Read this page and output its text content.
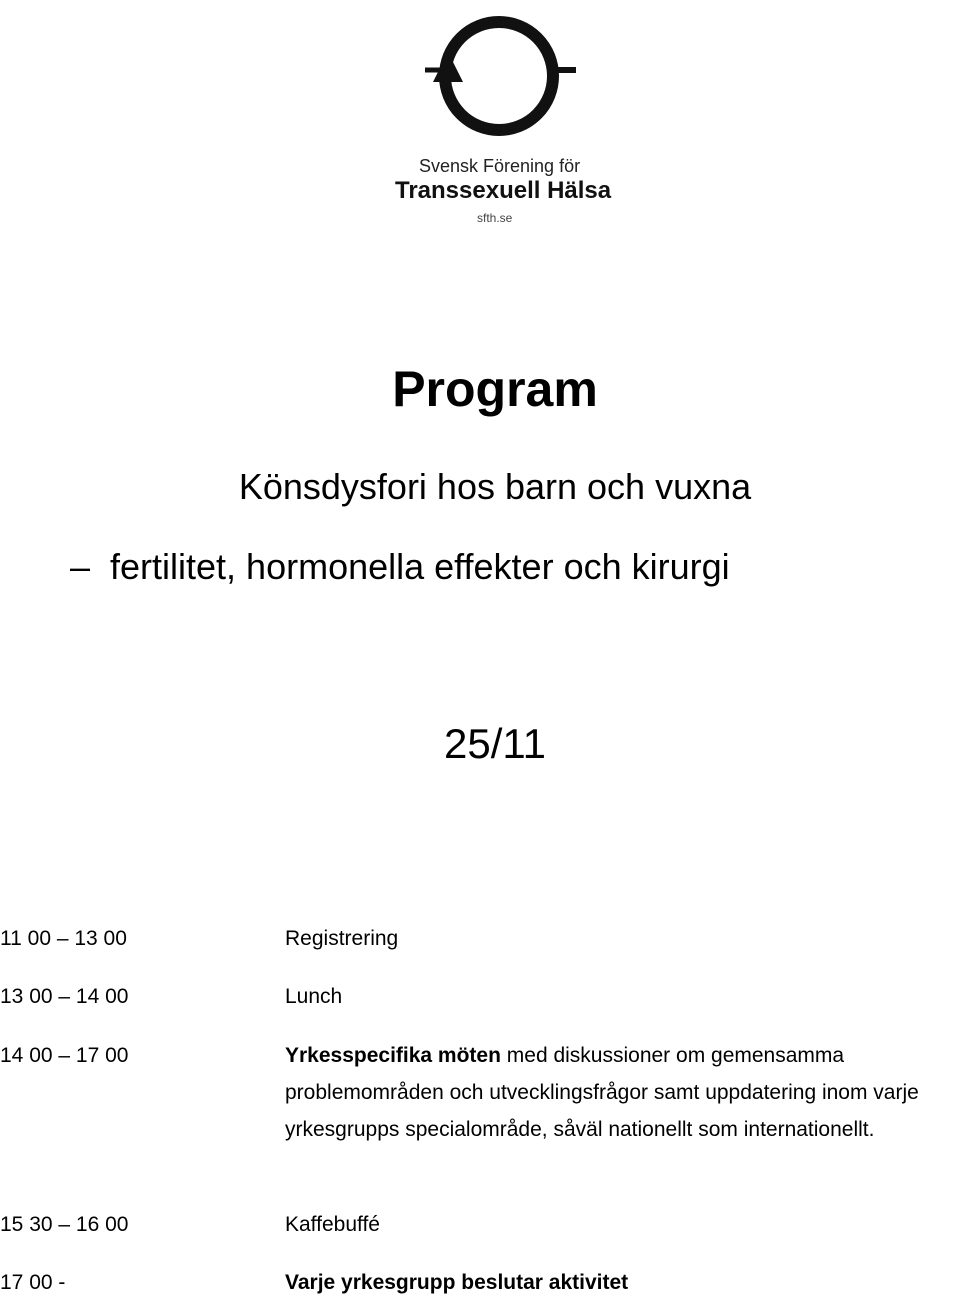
Svensk Förening för
Transsexuell Hälsa
sfth.se
Program
Könsdysfori hos barn och vuxna
– fertilitet, hormonella effekter och kirurgi
25/11
11 00 – 13 00	Registrering
13 00 – 14 00	Lunch
14 00 – 17 00	Yrkesspecifika möten med diskussioner om gemensamma problemområden och utvecklingsfrågor samt uppdatering inom varje yrkesgrupps specialområde, såväl nationellt som internationellt.
15 30 – 16 00	Kaffebuffé
17 00 -	Varje yrkesgrupp beslutar aktivitet
